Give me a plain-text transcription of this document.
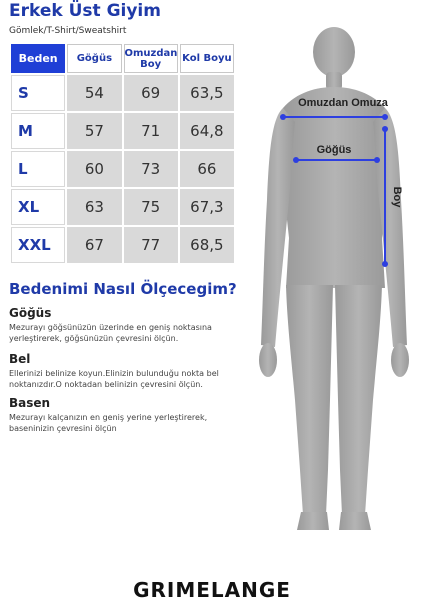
Erkek Üst Giyim
Gömlek/T-Shirt/Sweatshirt
Beden	Göğüs	Omuzdan Boy	Kol Boyu
S	54	69	63,5
M	57	71	64,8
L	60	73	66
XL	63	75	67,3
XXL	67	77	68,5
Bedenimi Nasıl Ölçecegim?
Göğüs
Mezurayı göğsünüzün üzerinde en geniş noktasına yerleştirerek, göğsünüzün çevresini ölçün.
Bel
Ellerinizi belinize koyun.Elinizin bulunduğu nokta bel noktanızdır.O noktadan belinizin çevresini ölçün.
Basen
Mezurayı kalçanızın en geniş yerine yerleştirerek, baseninizin çevresini ölçün
Omuzdan Omuza
Göğüs
Boy
GRIMELANGE
